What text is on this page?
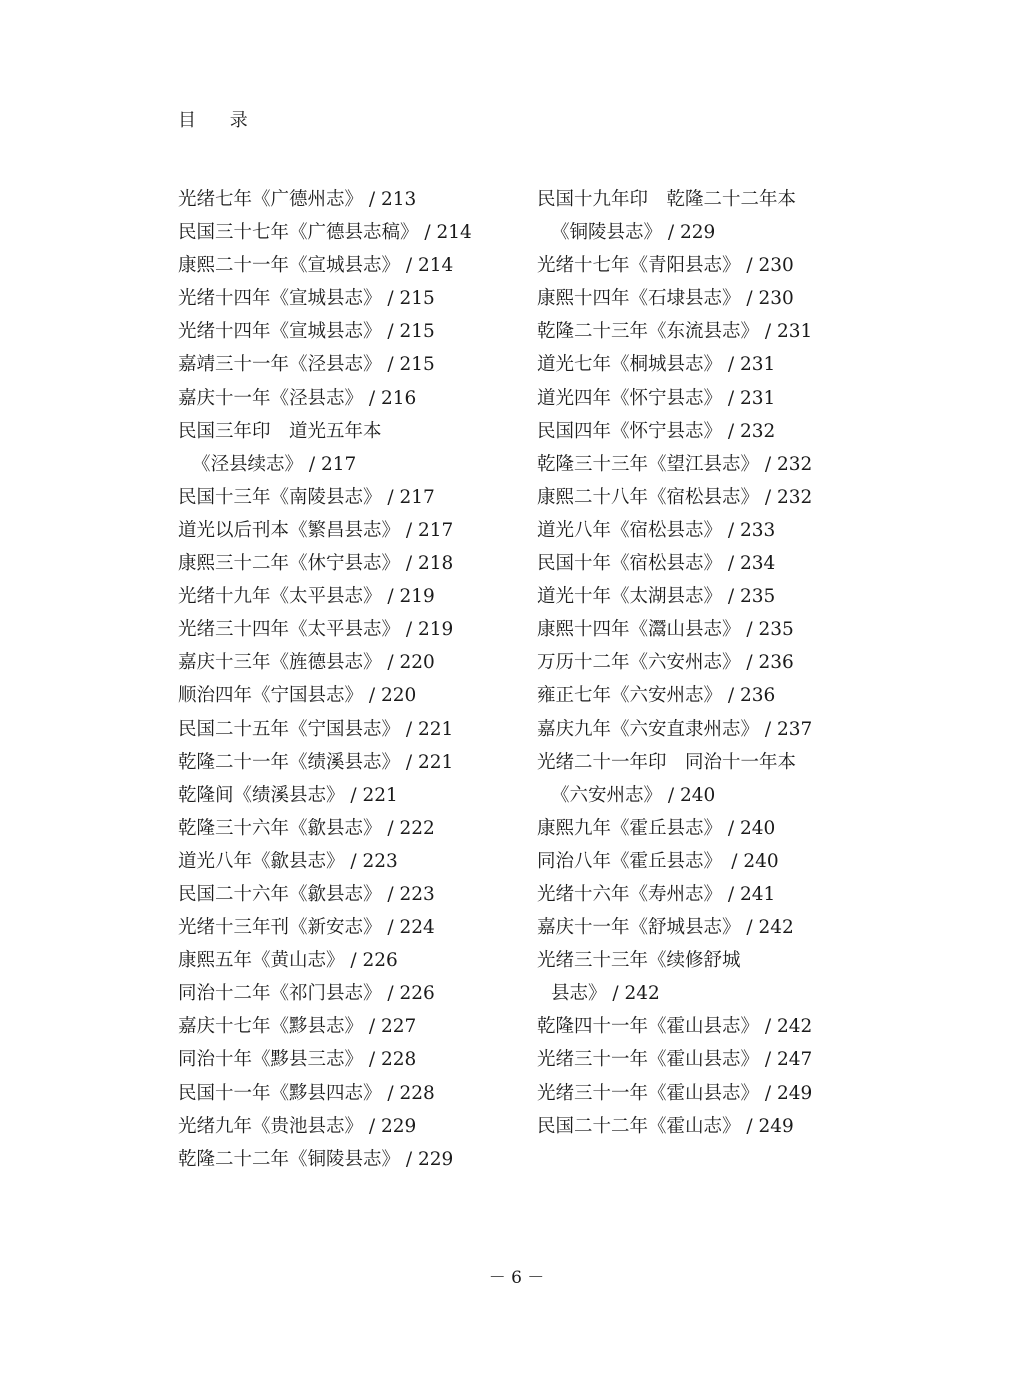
目 录
光绪七年《广德州志》 / 213
民国三十七年《广德县志稿》 / 214
康熙二十一年《宣城县志》 / 214
光绪十四年《宣城县志》 / 215
光绪十四年《宣城县志》 / 215
嘉靖三十一年《泾县志》 / 215
嘉庆十一年《泾县志》 / 216
民国三年印　道光五年本
《泾县续志》 / 217
民国十三年《南陵县志》 / 217
道光以后刊本《繁昌县志》 / 217
康熙三十二年《休宁县志》 / 218
光绪十九年《太平县志》 / 219
光绪三十四年《太平县志》 / 219
嘉庆十三年《旌德县志》 / 220
顺治四年《宁国县志》 / 220
民国二十五年《宁国县志》 / 221
乾隆二十一年《绩溪县志》 / 221
乾隆间《绩溪县志》 / 221
乾隆三十六年《歙县志》 / 222
道光八年《歙县志》 / 223
民国二十六年《歙县志》 / 223
光绪十三年刊《新安志》 / 224
康熙五年《黄山志》 / 226
同治十二年《祁门县志》 / 226
嘉庆十七年《黟县志》 / 227
同治十年《黟县三志》 / 228
民国十一年《黟县四志》 / 228
光绪九年《贵池县志》 / 229
乾隆二十二年《铜陵县志》 / 229
民国十九年印　乾隆二十二年本
《铜陵县志》 / 229
光绪十七年《青阳县志》 / 230
康熙十四年《石埭县志》 / 230
乾隆二十三年《东流县志》 / 231
道光七年《桐城县志》 / 231
道光四年《怀宁县志》 / 231
民国四年《怀宁县志》 / 232
乾隆三十三年《望江县志》 / 232
康熙二十八年《宿松县志》 / 232
道光八年《宿松县志》 / 233
民国十年《宿松县志》 / 234
道光十年《太湖县志》 / 235
康熙十四年《灊山县志》 / 235
万历十二年《六安州志》 / 236
雍正七年《六安州志》 / 236
嘉庆九年《六安直隶州志》 / 237
光绪二十一年印　同治十一年本
《六安州志》 / 240
康熙九年《霍丘县志》 / 240
同治八年《霍丘县志》　/ 240
光绪十六年《寿州志》 / 241
嘉庆十一年《舒城县志》 / 242
光绪三十三年《续修舒城
县志》 / 242
乾隆四十一年《霍山县志》 / 242
光绪三十一年《霍山县志》 / 247
光绪三十一年《霍山县志》 / 249
民国二十二年《霍山志》 / 249
－ 6 －
